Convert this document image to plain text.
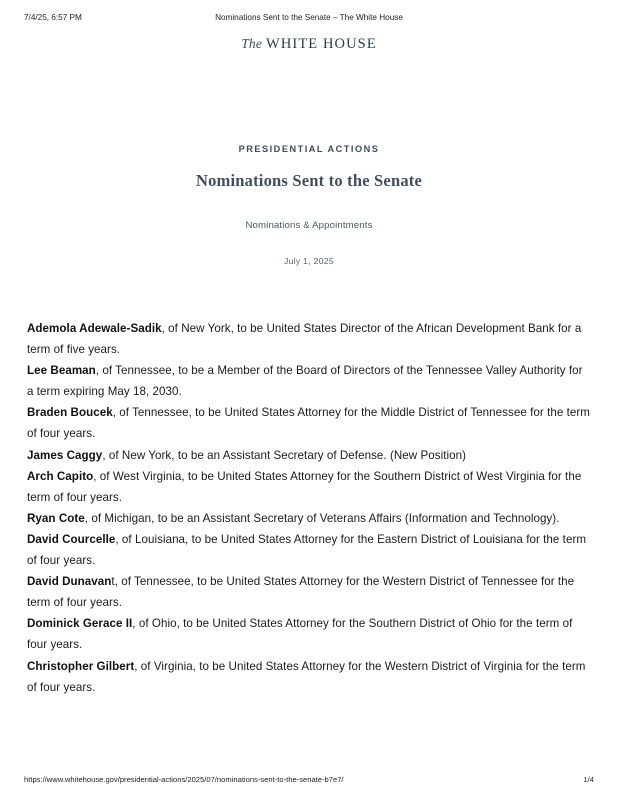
7/4/25, 6:57 PM	Nominations Sent to the Senate – The White House
The WHITE HOUSE
PRESIDENTIAL ACTIONS
Nominations Sent to the Senate
Nominations & Appointments
July 1, 2025

Ademola Adewale-Sadik, of New York, to be United States Director of the African Development Bank for a term of five years.

Lee Beaman, of Tennessee, to be a Member of the Board of Directors of the Tennessee Valley Authority for a term expiring May 18, 2030.

Braden Boucek, of Tennessee, to be United States Attorney for the Middle District of Tennessee for the term of four years.

James Caggy, of New York, to be an Assistant Secretary of Defense. (New Position)

Arch Capito, of West Virginia, to be United States Attorney for the Southern District of West Virginia for the term of four years.

Ryan Cote, of Michigan, to be an Assistant Secretary of Veterans Affairs (Information and Technology).

David Courcelle, of Louisiana, to be United States Attorney for the Eastern District of Louisiana for the term of four years.

David Dunavant, of Tennessee, to be United States Attorney for the Western District of Tennessee for the term of four years.

Dominick Gerace II, of Ohio, to be United States Attorney for the Southern District of Ohio for the term of four years.

Christopher Gilbert, of Virginia, to be United States Attorney for the Western District of Virginia for the term of four years.

https://www.whitehouse.gov/presidential-actions/2025/07/nominations-sent-to-the-senate-b7e7/	1/4
